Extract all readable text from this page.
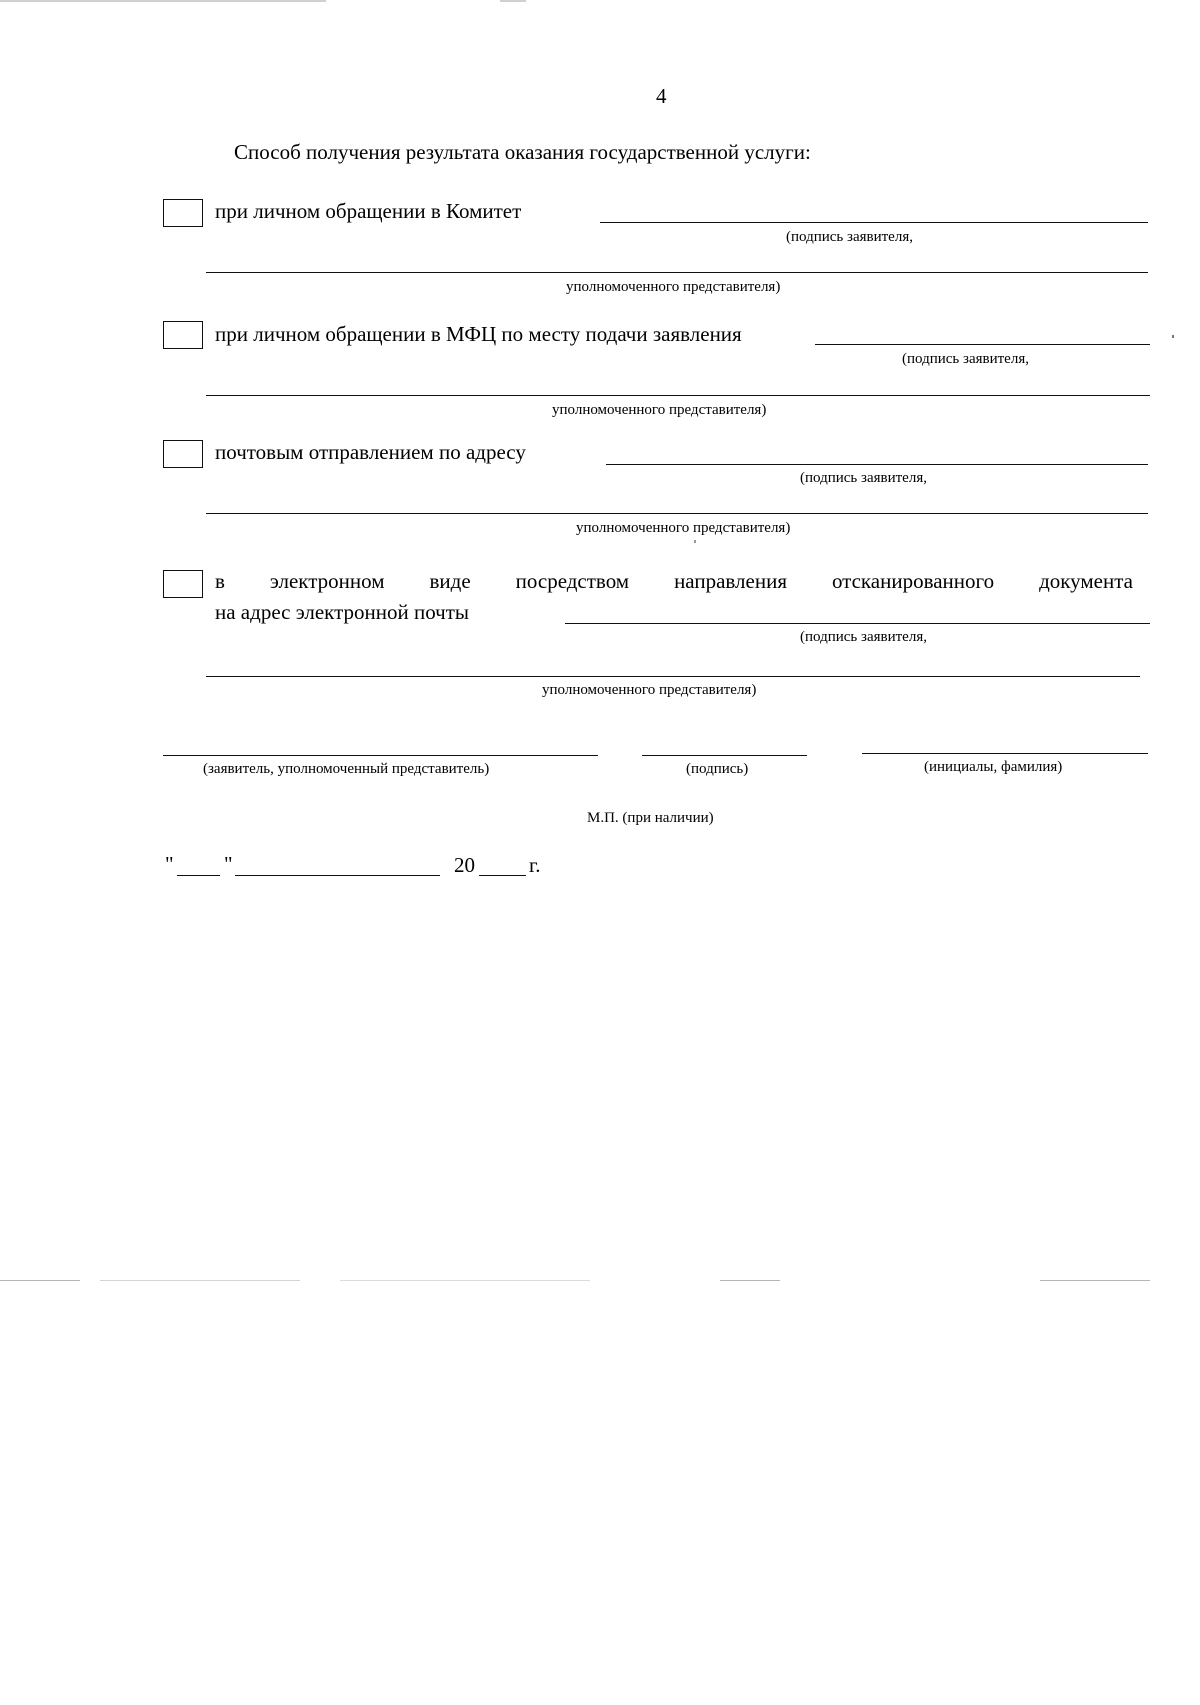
4
Способ получения результата оказания государственной услуги:
при личном обращении в Комитет
(подпись заявителя,
уполномоченного представителя)
при личном обращении в МФЦ по месту подачи заявления
(подпись заявителя,
уполномоченного представителя)
почтовым отправлением по адресу
(подпись заявителя,
уполномоченного представителя)
в электронном виде посредством направления отсканированного документа
на адрес электронной почты
(подпись заявителя,
уполномоченного представителя)
(заявитель, уполномоченный представитель)	(подпись)	(инициалы, фамилия)
М.П. (при наличии)
" "	20	г.
